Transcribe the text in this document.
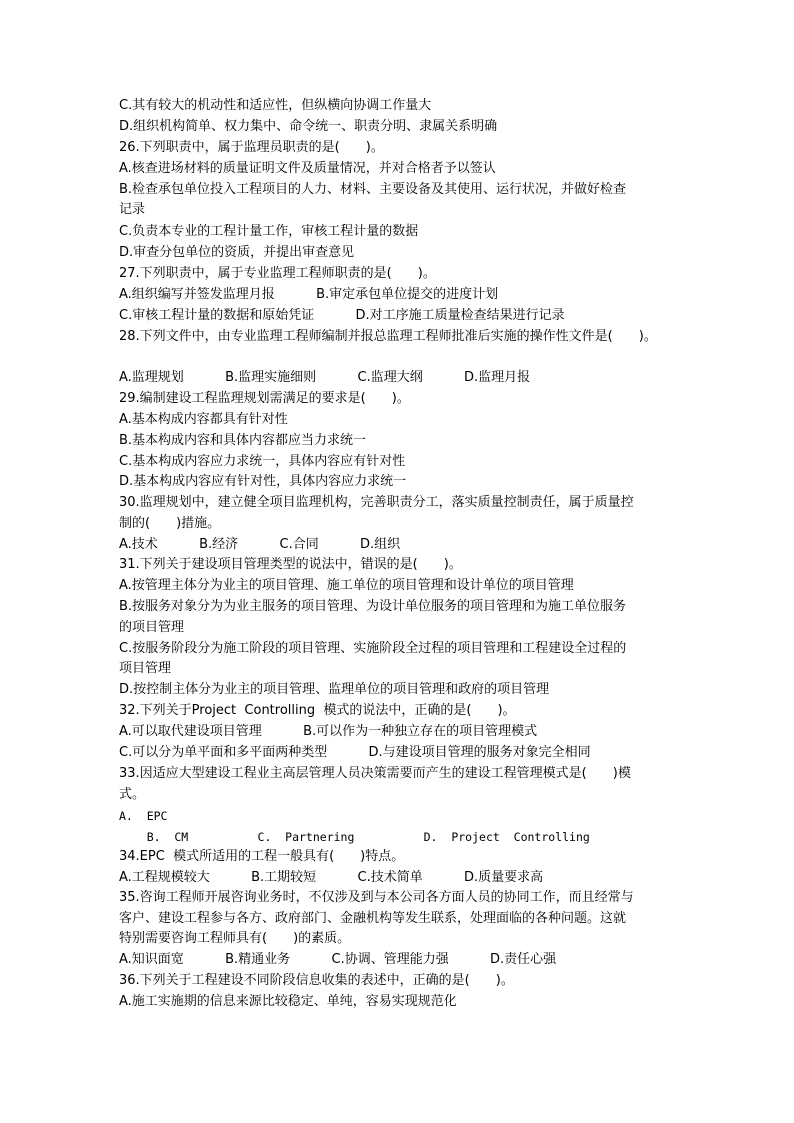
C.其有较大的机动性和适应性，但纵横向协调工作量大
D.组织机构简单、权力集中、命令统一、职责分明、隶属关系明确
26.下列职责中，属于监理员职责的是(　　)。
A.核查进场材料的质量证明文件及质量情况，并对合格者予以签认
B.检查承包单位投入工程项目的人力、材料、主要设备及其使用、运行状况，并做好检查
记录
C.负责本专业的工程计量工作，审核工程计量的数据
D.审查分包单位的资质，并提出审查意见
27.下列职责中，属于专业监理工程师职责的是(　　)。
A.组织编写并签发监理月报          B.审定承包单位提交的进度计划
C.审核工程计量的数据和原始凭证          D.对工序施工质量检查结果进行记录
28.下列文件中，由专业监理工程师编制并报总监理工程师批准后实施的操作性文件是(　　)。
A.监理规划          B.监理实施细则          C.监理大纲          D.监理月报
29.编制建设工程监理规划需满足的要求是(　　)。
A.基本构成内容都具有针对性
B.基本构成内容和具体内容都应当力求统一
C.基本构成内容应力求统一，具体内容应有针对性
D.基本构成内容应有针对性，具体内容应力求统一
30.监理规划中，建立健全项目监理机构，完善职责分工，落实质量控制责任，属于质量控
制的(　　)措施。
A.技术          B.经济          C.合同          D.组织
31.下列关于建设项目管理类型的说法中，错误的是(　　)。
A.按管理主体分为业主的项目管理、施工单位的项目管理和设计单位的项目管理
B.按服务对象分为为业主服务的项目管理、为设计单位服务的项目管理和为施工单位服务
的项目管理
C.按服务阶段分为施工阶段的项目管理、实施阶段全过程的项目管理和工程建设全过程的
项目管理
D.按控制主体分为业主的项目管理、监理单位的项目管理和政府的项目管理
32.下列关于Project  Controlling  模式的说法中，正确的是(　　)。
A.可以取代建设项目管理          B.可以作为一种独立存在的项目管理模式
C.可以分为单平面和多平面两种类型          D.与建设项目管理的服务对象完全相同
33.因适应大型建设工程业主高层管理人员决策需要而产生的建设工程管理模式是(　　)模
式。
A.  EPC
B.  CM          C.  Partnering          D.  Project  Controlling
34.EPC  模式所适用的工程一般具有(　　)特点。
A.工程规模较大          B.工期较短          C.技术简单          D.质量要求高
35.咨询工程师开展咨询业务时，不仅涉及到与本公司各方面人员的协同工作，而且经常与
客户、建设工程参与各方、政府部门、金融机构等发生联系，处理面临的各种问题。这就
特别需要咨询工程师具有(　　)的素质。
A.知识面宽          B.精通业务          C.协调、管理能力强          D.责任心强
36.下列关于工程建设不同阶段信息收集的表述中，正确的是(　　)。
A.施工实施期的信息来源比较稳定、单纯，容易实现规范化
